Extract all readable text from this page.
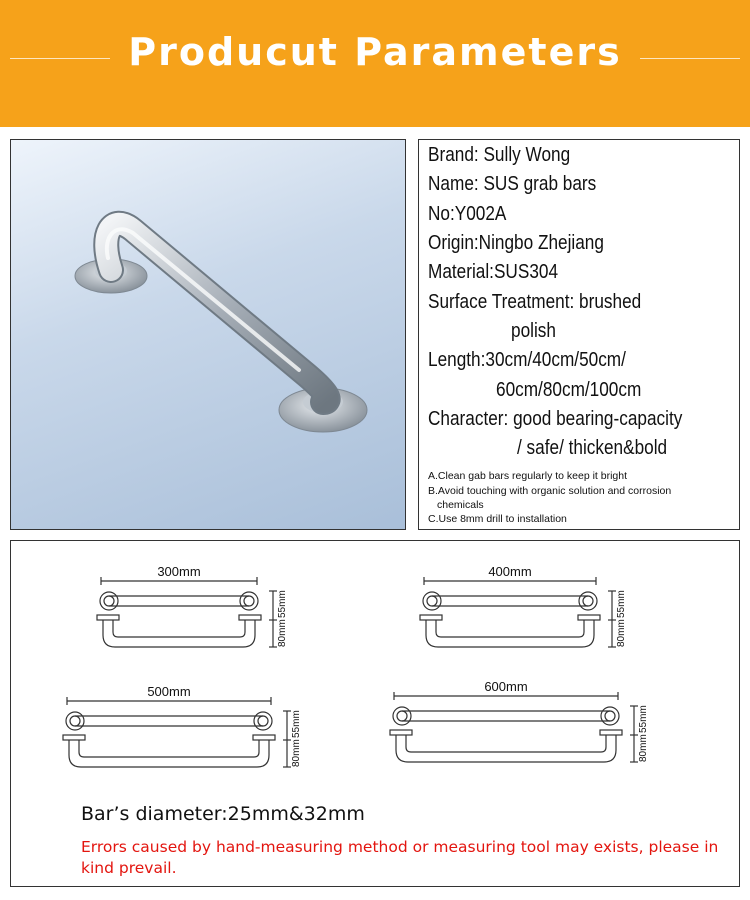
Producut Parameters
Brand: Sully Wong
Name: SUS grab bars
No:Y002A
Origin:Ningbo Zhejiang
Material:SUS304
Surface Treatment: brushed
polish
Length:30cm/40cm/50cm/
60cm/80cm/100cm
Character: good bearing-capacity
/ safe/ thicken&bold
A.Clean gab bars regularly to keep it bright
B.Avoid touching with organic solution and corrosion
chemicals
C.Use 8mm drill to installation
300mm
80mm
55mm
400mm
80mm
55mm
500mm
80mm
55mm
600mm
80mm
55mm
Bar’s diameter:25mm&32mm
Errors caused by hand-measuring method or measuring tool may exists, please in kind prevail.
